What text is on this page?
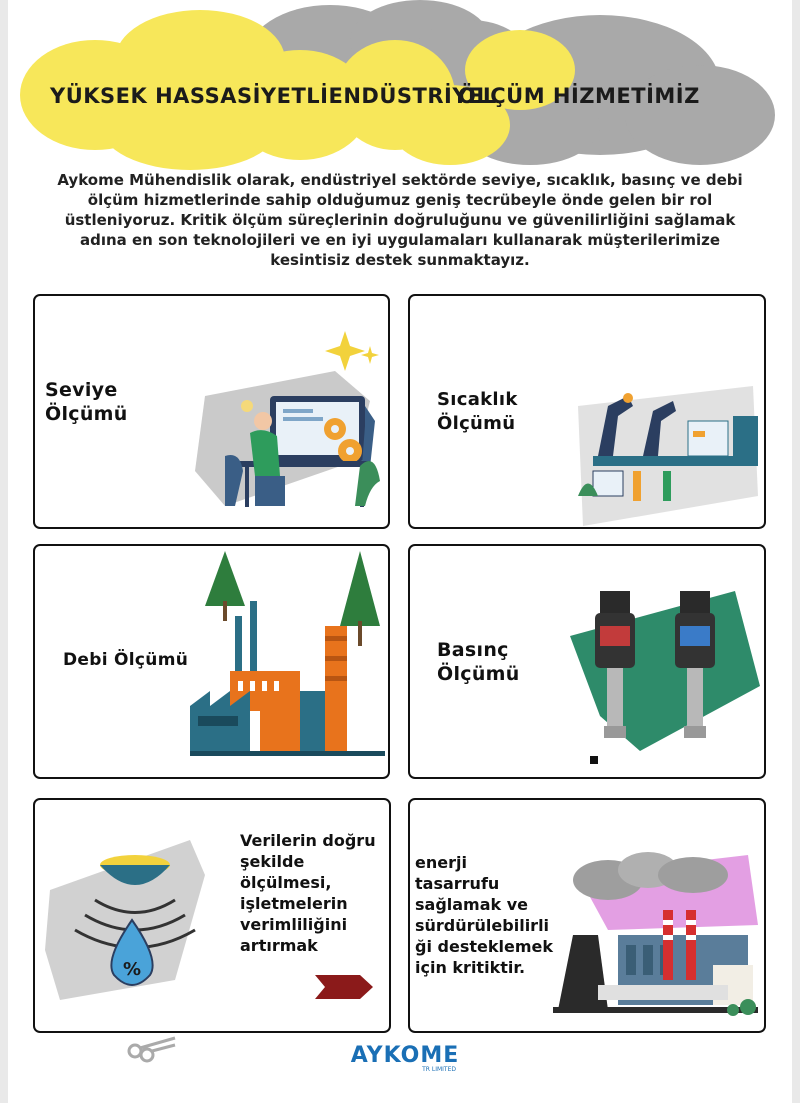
YÜKSEK HASSASİYETLİENDÜSTRİYEL
ÖLÇÜM HİZMETİMİZ
Aykome Mühendislik olarak, endüstriyel sektörde seviye, sıcaklık, basınç ve debi ölçüm hizmetlerinde sahip olduğumuz geniş tecrübeyle önde gelen bir rol üstleniyoruz. Kritik ölçüm süreçlerinin doğruluğunu ve güvenilirliğini sağlamak adına en son teknolojileri ve en iyi uygulamaları kullanarak müşterilerimize kesintisiz destek sunmaktayız.
Seviye
Ölçümü
Sıcaklık
Ölçümü
Debi Ölçümü	Basınç
Ölçümü
%
Verilerin doğru
şekilde
ölçülmesi,
işletmelerin
verimliliğini
artırmak
enerji
tasarrufu
sağlamak ve
sürdürülebilirli
ği desteklemek
için kritiktir.
AYKOME
TR LIMITED
